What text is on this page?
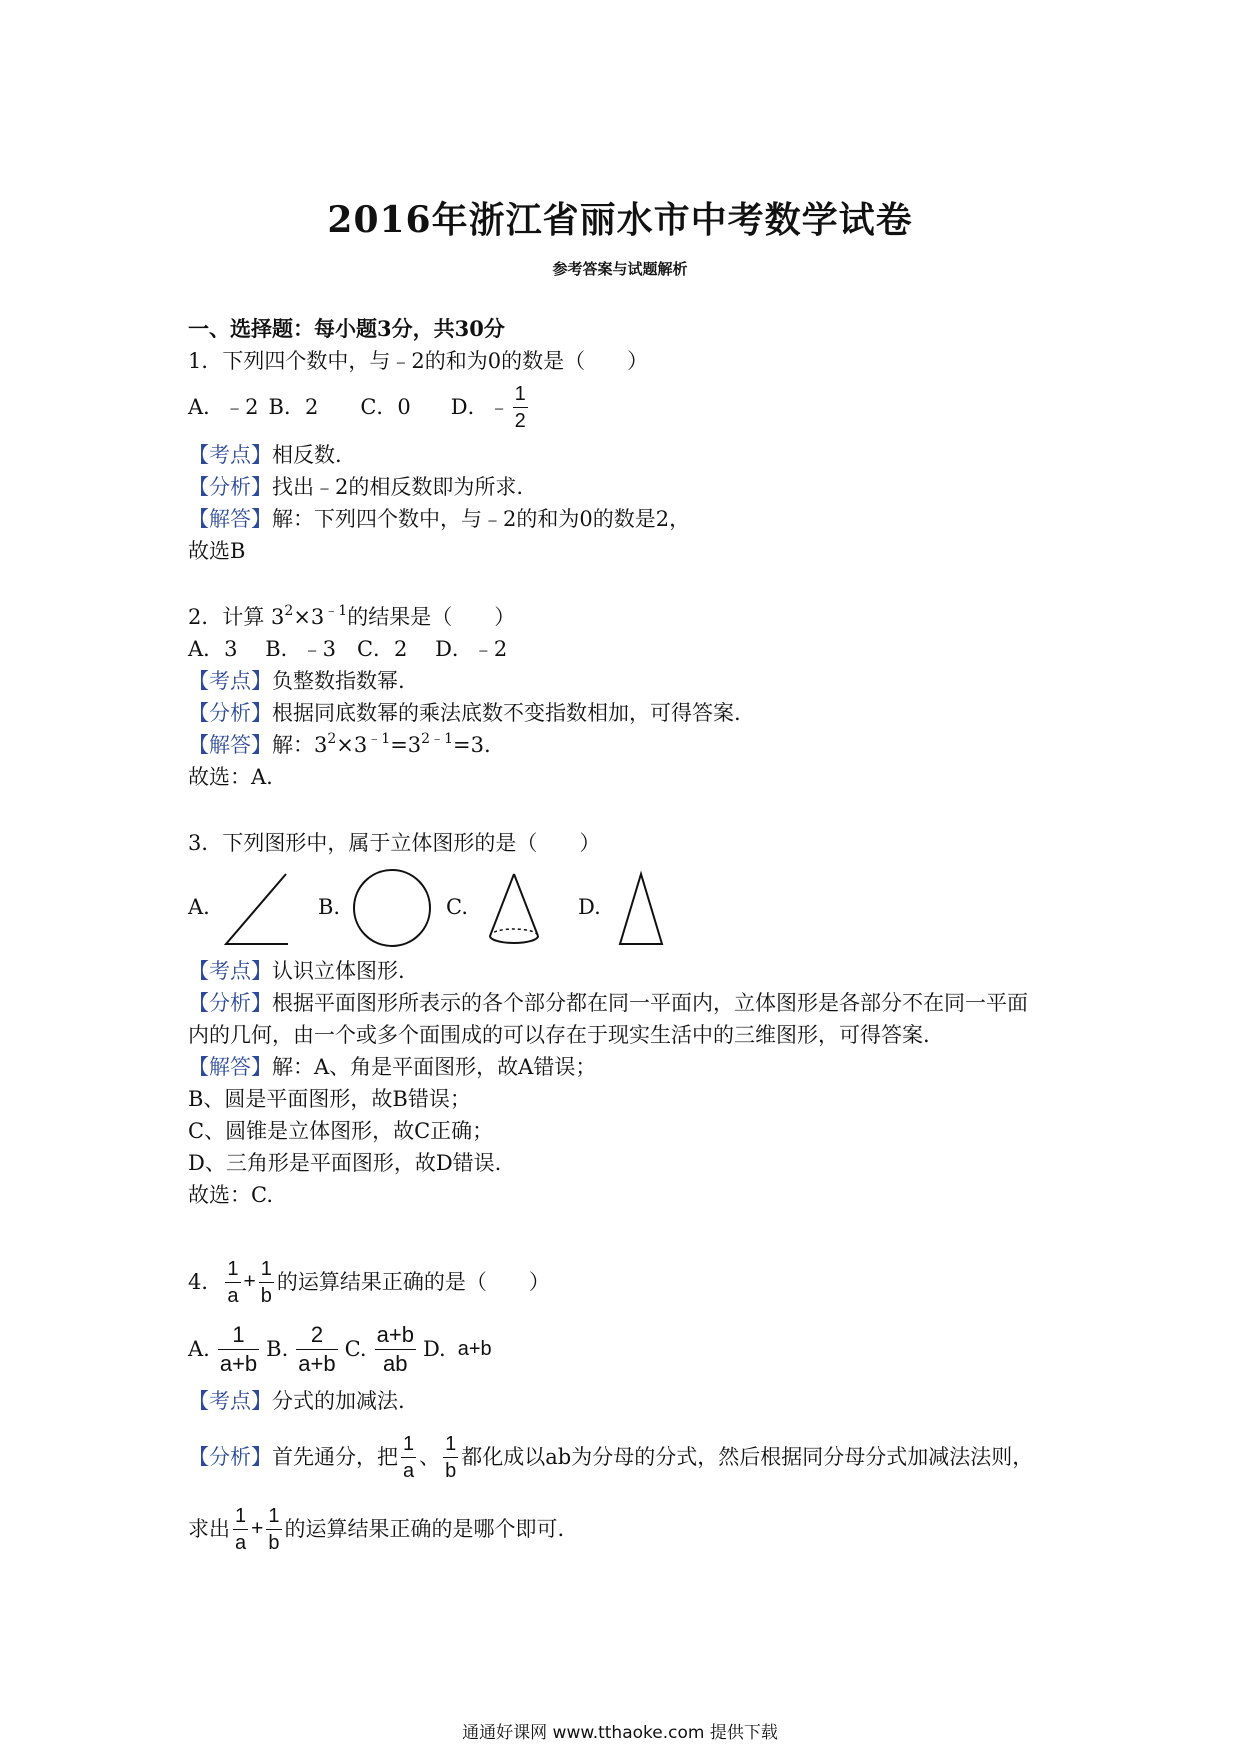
2016年浙江省丽水市中考数学试卷
参考答案与试题解析
一、选择题：每小题3分，共30分
1．下列四个数中，与﹣2的和为0的数是（　　）
A．﹣2 B．2 C．0 D．﹣ $\frac{1}{2}$
【考点】相反数.
【分析】找出﹣2的相反数即为所求.
【解答】解：下列四个数中，与﹣2的和为0的数是2，
故选B
2．计算 $3^2\times 3^{﹣1}$的结果是（　　）
A．3　 B．﹣3　C．2　 D．﹣2
【考点】负整数指数幂.
【分析】根据同底数幂的乘法底数不变指数相加，可得答案.
【解答】解：$3^2\times 3^{﹣1}=3^{2﹣1}=3$.
故选：A.
3．下列图形中，属于立体图形的是（　　）
A.	B.	C.	D.
【考点】认识立体图形.
【分析】根据平面图形所表示的各个部分都在同一平面内，立体图形是各部分不在同一平面
内的几何，由一个或多个面围成的可以存在于现实生活中的三维图形，可得答案.
【解答】解：A、角是平面图形，故A错误；
B、圆是平面图形，故B错误；
C、圆锥是立体图形，故C正确；
D、三角形是平面图形，故D错误.
故选：C.
4． $\frac{1}{a} + \frac{1}{b}$ 的运算结果正确的是（　　）
A. $\frac{1}{a+b} B$. $\frac{2}{a+b} C$. $\frac{a+b}{ab} D$. a+b
【考点】分式的加减法.
【分析】 首先通分，把 $\frac{1}{a}$ 、 $\frac{1}{b}$ 都化成以ab为分母的分式，然后根据同分母分式加减法法则，
求出 $\frac{1}{a} + \frac{1}{b}$ 的运算结果正确的是哪个即可.
通通好课网 www.tthaoke.com 提供下载
